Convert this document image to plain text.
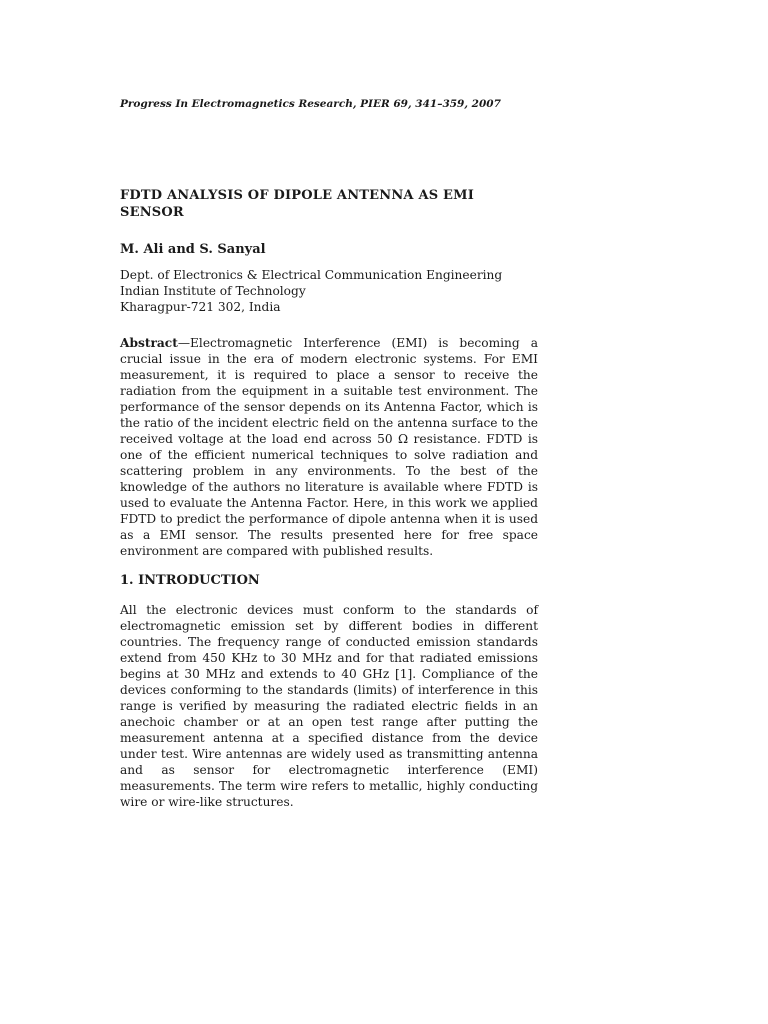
Progress In Electromagnetics Research, PIER 69, 341–359, 2007
FDTD ANALYSIS OF DIPOLE ANTENNA AS EMI SENSOR
M. Ali and S. Sanyal
Dept. of Electronics & Electrical Communication Engineering
Indian Institute of Technology
Kharagpur-721 302, India

Abstract—Electromagnetic Interference (EMI) is becoming a crucial issue in the era of modern electronic systems. For EMI measurement, it is required to place a sensor to receive the radiation from the equipment in a suitable test environment. The performance of the sensor depends on its Antenna Factor, which is the ratio of the incident electric field on the antenna surface to the received voltage at the load end across 50 Ω resistance. FDTD is one of the efficient numerical techniques to solve radiation and scattering problem in any environments. To the best of the knowledge of the authors no literature is available where FDTD is used to evaluate the Antenna Factor. Here, in this work we applied FDTD to predict the performance of dipole antenna when it is used as a EMI sensor. The results presented here for free space environment are compared with published results.

1. INTRODUCTION

All the electronic devices must conform to the standards of electromagnetic emission set by different bodies in different countries. The frequency range of conducted emission standards extend from 450 KHz to 30 MHz and for that radiated emissions begins at 30 MHz and extends to 40 GHz [1]. Compliance of the devices conforming to the standards (limits) of interference in this range is verified by measuring the radiated electric fields in an anechoic chamber or at an open test range after putting the measurement antenna at a specified distance from the device under test. Wire antennas are widely used as transmitting antenna and as sensor for electromagnetic interference (EMI) measurements. The term wire refers to metallic, highly conducting wire or wire-like structures.
